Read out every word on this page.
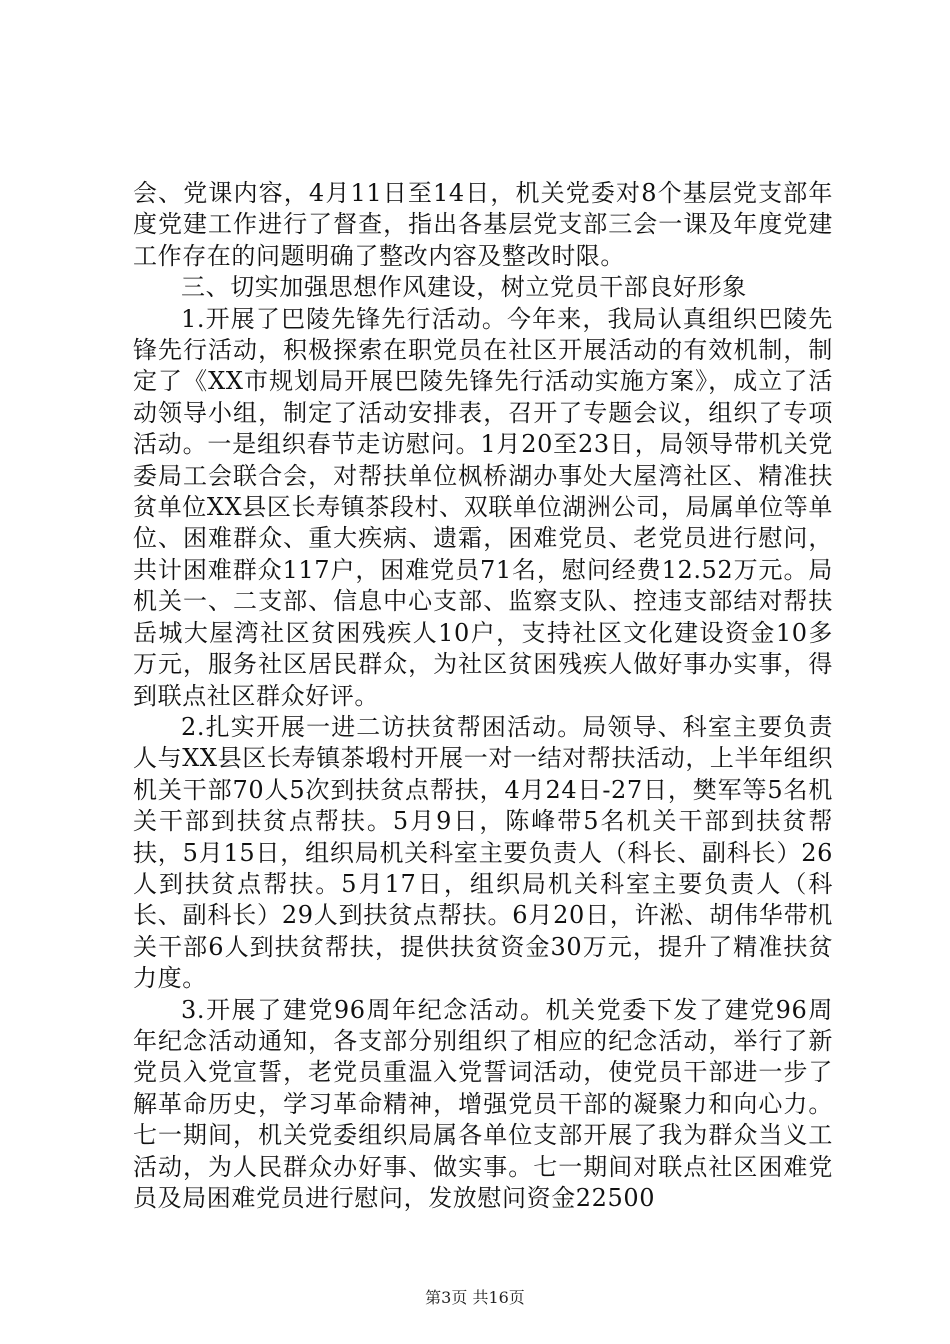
会、党课内容，4月11日至14日，机关党委对8个基层党支部年度党建工作进行了督查，指出各基层党支部三会一课及年度党建工作存在的问题明确了整改内容及整改时限。

三、切实加强思想作风建设，树立党员干部良好形象

1.开展了巴陵先锋先行活动。今年来，我局认真组织巴陵先锋先行活动，积极探索在职党员在社区开展活动的有效机制，制定了《XX市规划局开展巴陵先锋先行活动实施方案》，成立了活动领导小组，制定了活动安排表，召开了专题会议，组织了专项活动。一是组织春节走访慰问。1月20至23日，局领导带机关党委局工会联合会，对帮扶单位枫桥湖办事处大屋湾社区、精准扶贫单位XX县区长寿镇茶段村、双联单位湖洲公司，局属单位等单位、困难群众、重大疾病、遗霜，困难党员、老党员进行慰问，共计困难群众117户，困难党员71名，慰问经费12.52万元。局机关一、二支部、信息中心支部、监察支队、控违支部结对帮扶岳城大屋湾社区贫困残疾人10户，支持社区文化建设资金10多万元，服务社区居民群众，为社区贫困残疾人做好事办实事，得到联点社区群众好评。

2.扎实开展一进二访扶贫帮困活动。局领导、科室主要负责人与XX县区长寿镇茶塅村开展一对一结对帮扶活动，上半年组织机关干部70人5次到扶贫点帮扶，4月24日-27日，樊军等5名机关干部到扶贫点帮扶。5月9日，陈峰带5名机关干部到扶贫帮扶，5月15日，组织局机关科室主要负责人（科长、副科长）26人到扶贫点帮扶。5月17日，组织局机关科室主要负责人（科长、副科长）29人到扶贫点帮扶。6月20日，许淞、胡伟华带机关干部6人到扶贫帮扶，提供扶贫资金30万元，提升了精准扶贫力度。

3.开展了建党96周年纪念活动。机关党委下发了建党96周年纪念活动通知，各支部分别组织了相应的纪念活动，举行了新党员入党宣誓，老党员重温入党誓词活动，使党员干部进一步了解革命历史，学习革命精神，增强党员干部的凝聚力和向心力。七一期间，机关党委组织局属各单位支部开展了我为群众当义工活动，为人民群众办好事、做实事。七一期间对联点社区困难党员及局困难党员进行慰问，发放慰问资金22500

第3页 共16页
